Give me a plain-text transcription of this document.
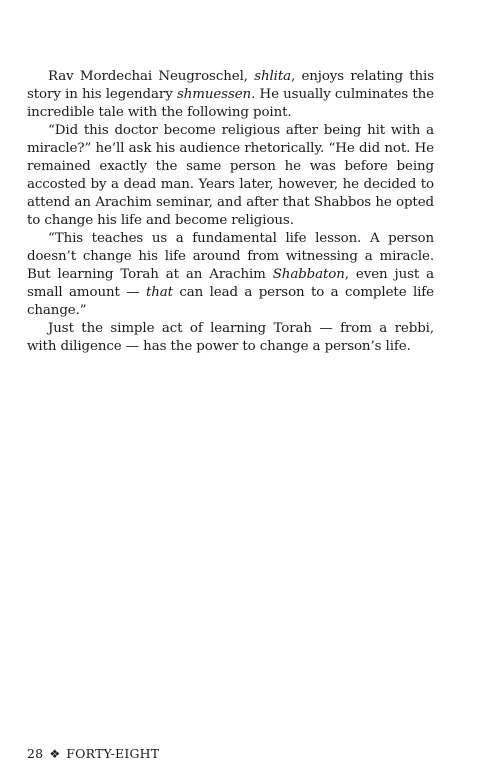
Rav Mordechai Neugroschel, shlita, enjoys relating this story in his legendary shmuessen. He usually culminates the incredible tale with the following point.

“Did this doctor become religious after being hit with a miracle?” he’ll ask his audience rhetorically. “He did not. He remained exactly the same person he was before being accosted by a dead man. Years later, however, he decided to attend an Arachim seminar, and after that Shabbos he opted to change his life and become religious.

“This teaches us a fundamental life lesson. A person doesn’t change his life around from witnessing a miracle. But learning Torah at an Arachim Shabbaton, even just a small amount — that can lead a person to a complete life change.”

Just the simple act of learning Torah — from a rebbi, with diligence — has the power to change a person’s life.

28 ❖ FORTY-EIGHT
